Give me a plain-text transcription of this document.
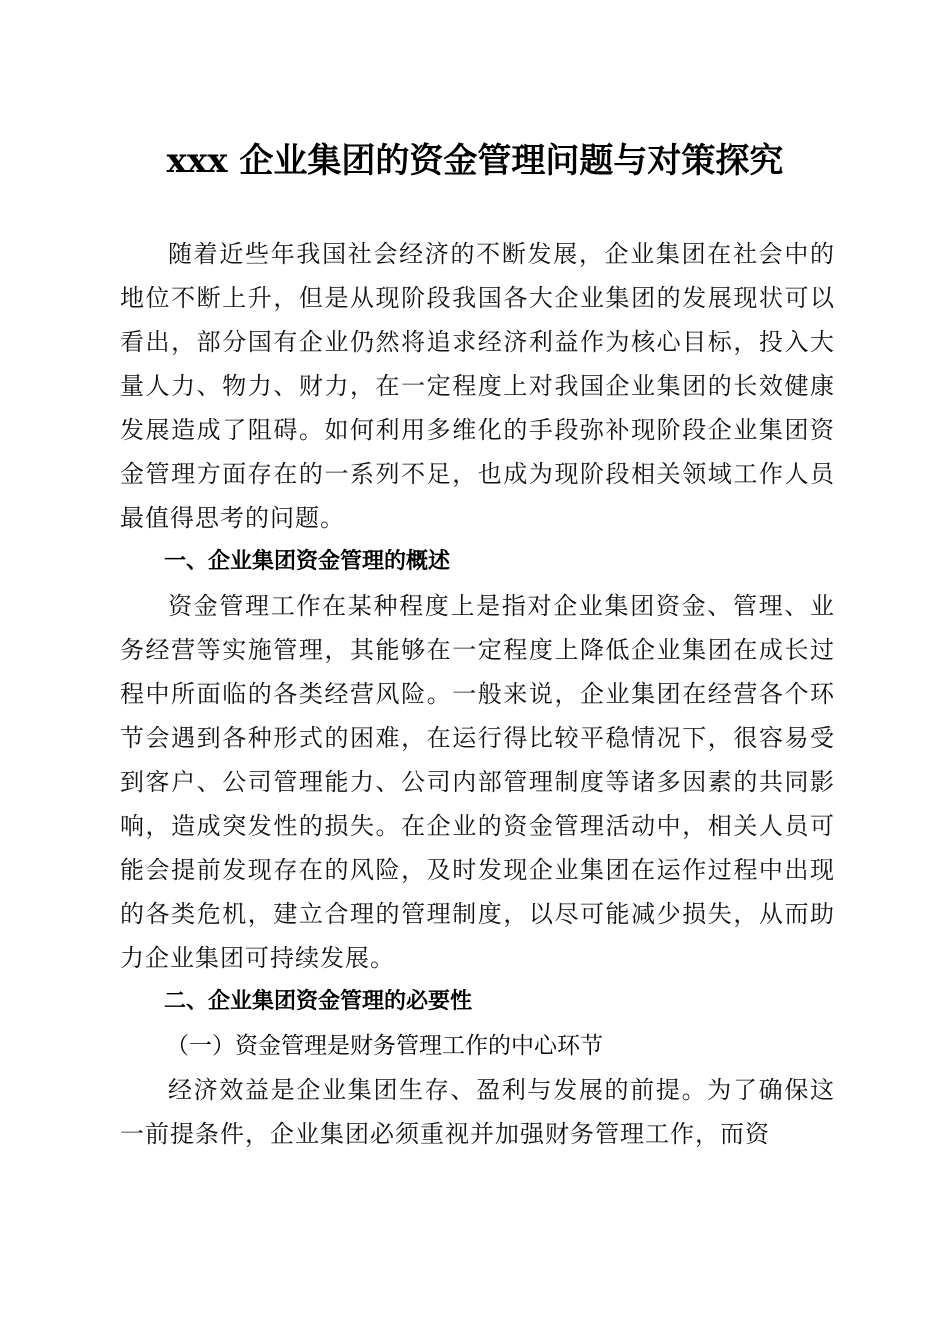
xxx 企业集团的资金管理问题与对策探究

随着近些年我国社会经济的不断发展，企业集团在社会中的地位不断上升，但是从现阶段我国各大企业集团的发展现状可以看出，部分国有企业仍然将追求经济利益作为核心目标，投入大量人力、物力、财力，在一定程度上对我国企业集团的长效健康发展造成了阻碍。如何利用多维化的手段弥补现阶段企业集团资金管理方面存在的一系列不足，也成为现阶段相关领域工作人员最值得思考的问题。

一、企业集团资金管理的概述

资金管理工作在某种程度上是指对企业集团资金、管理、业务经营等实施管理，其能够在一定程度上降低企业集团在成长过程中所面临的各类经营风险。一般来说，企业集团在经营各个环节会遇到各种形式的困难，在运行得比较平稳情况下，很容易受到客户、公司管理能力、公司内部管理制度等诸多因素的共同影响，造成突发性的损失。在企业的资金管理活动中，相关人员可能会提前发现存在的风险，及时发现企业集团在运作过程中出现的各类危机，建立合理的管理制度，以尽可能减少损失，从而助力企业集团可持续发展。

二、企业集团资金管理的必要性

（一）资金管理是财务管理工作的中心环节

经济效益是企业集团生存、盈利与发展的前提。为了确保这一前提条件，企业集团必须重视并加强财务管理工作，而资
